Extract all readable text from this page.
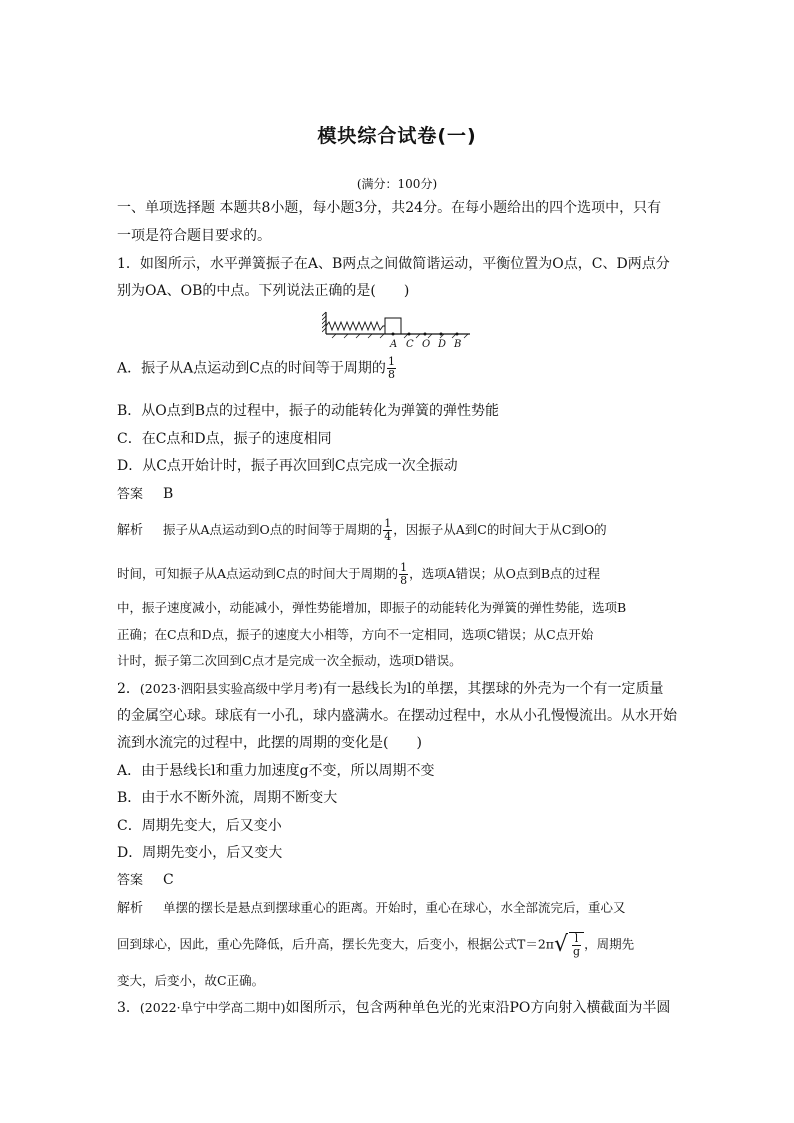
模块综合试卷(一)
(满分：100分)
一、单项选择题 本题共8小题，每小题3分，共24分。在每小题给出的四个选项中，只有
一项是符合题目要求的。
1．如图所示，水平弹簧振子在A、B两点之间做简谐运动，平衡位置为O点，C、D两点分
别为OA、OB的中点。下列说法正确的是(　　)
A C O D B
A．振子从A点运动到C点的时间等于周期的 $\frac{1}{8}$
B．从O点到B点的过程中，振子的动能转化为弹簧的弹性势能
C．在C点和D点，振子的速度相同
D．从C点开始计时，振子再次回到C点完成一次全振动
答案 B
解析 振子从A点运动到O点的时间等于周期的 $\frac{1}{4}$ ，因振子从A到C的时间大于从C到O的
时间，可知振子从A点运动到C点的时间大于周期的 $\frac{1}{8}$ ，选项A错误；从O点到B点的过程
中，振子速度减小，动能减小，弹性势能增加，即振子的动能转化为弹簧的弹性势能，选项B
正确；在C点和D点，振子的速度大小相等，方向不一定相同，选项C错误；从C点开始
计时，振子第二次回到C点才是完成一次全振动，选项D错误。
2．(2023·泗阳县实验高级中学月考)有一悬线长为l的单摆，其摆球的外壳为一个有一定质量
的金属空心球。球底有一小孔，球内盛满水。在摆动过程中，水从小孔慢慢流出。从水开始
流到水流完的过程中，此摆的周期的变化是(　　)
A．由于悬线长l和重力加速度g不变，所以周期不变
B．由于水不断外流，周期不断变大
C．周期先变大，后又变小
D．周期先变小，后又变大
答案 C
解析 单摆的摆长是悬点到摆球重心的距离。开始时，重心在球心，水全部流完后，重心又
回到球心，因此，重心先降低，后升高，摆长先变大，后变小，根据公式$T=2\pi√ \frac{l}{g}$ ，周期先
变大，后变小，故C正确。
3．(2022·阜宁中学高二期中)如图所示，包含两种单色光的光束沿PO方向射入横截面为半圆
